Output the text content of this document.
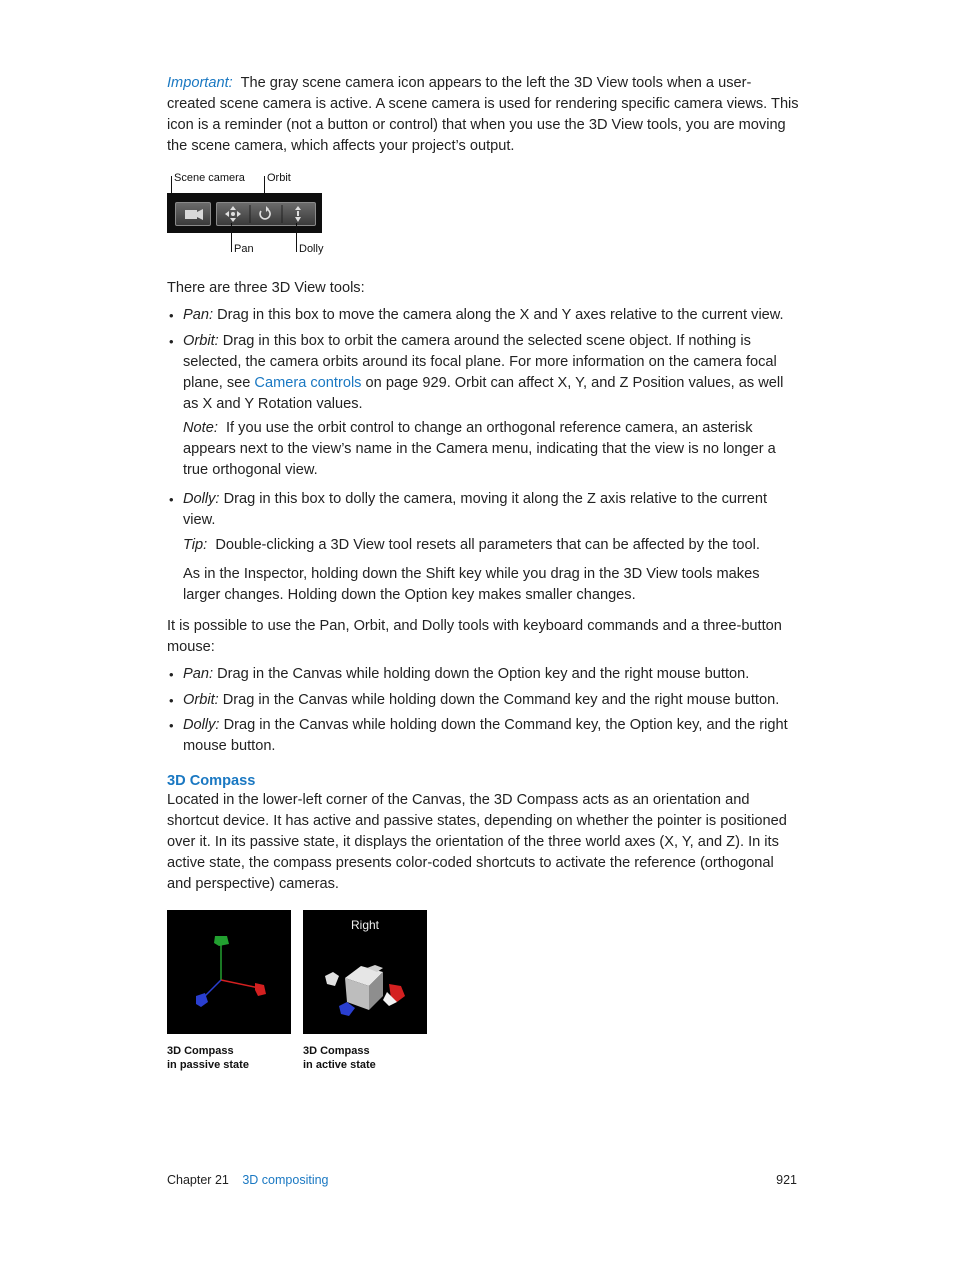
Important: The gray scene camera icon appears to the left the 3D View tools when a user-created scene camera is active. A scene camera is used for rendering specific camera views. This icon is a reminder (not a button or control) that when you use the 3D View tools, you are moving the scene camera, which affects your project’s output.

Scene camera Orbit
Pan	Dolly

There are three 3D View tools:

• Pan: Drag in this box to move the camera along the X and Y axes relative to the current view.

• Orbit: Drag in this box to orbit the camera around the selected scene object. If nothing is selected, the camera orbits around its focal plane. For more information on the camera focal plane, see Camera controls on page 929. Orbit can affect X, Y, and Z Position values, as well as X and Y Rotation values.

Note: If you use the orbit control to change an orthogonal reference camera, an asterisk appears next to the view’s name in the Camera menu, indicating that the view is no longer a true orthogonal view.

• Dolly: Drag in this box to dolly the camera, moving it along the Z axis relative to the current view.

Tip: Double-clicking a 3D View tool resets all parameters that can be affected by the tool.

As in the Inspector, holding down the Shift key while you drag in the 3D View tools makes larger changes. Holding down the Option key makes smaller changes.

It is possible to use the Pan, Orbit, and Dolly tools with keyboard commands and a three-button mouse:

• Pan: Drag in the Canvas while holding down the Option key and the right mouse button.

• Orbit: Drag in the Canvas while holding down the Command key and the right mouse button.

• Dolly: Drag in the Canvas while holding down the Command key, the Option key, and the right mouse button.

3D Compass

Located in the lower-left corner of the Canvas, the 3D Compass acts as an orientation and shortcut device. It has active and passive states, depending on whether the pointer is positioned over it. In its passive state, it displays the orientation of the three world axes (X, Y, and Z). In its active state, the compass presents color-coded shortcuts to activate the reference (orthogonal and perspective) cameras.

Right
3D Compass
in passive state
3D Compass
in active state
Chapter 21 3D compositing	921
